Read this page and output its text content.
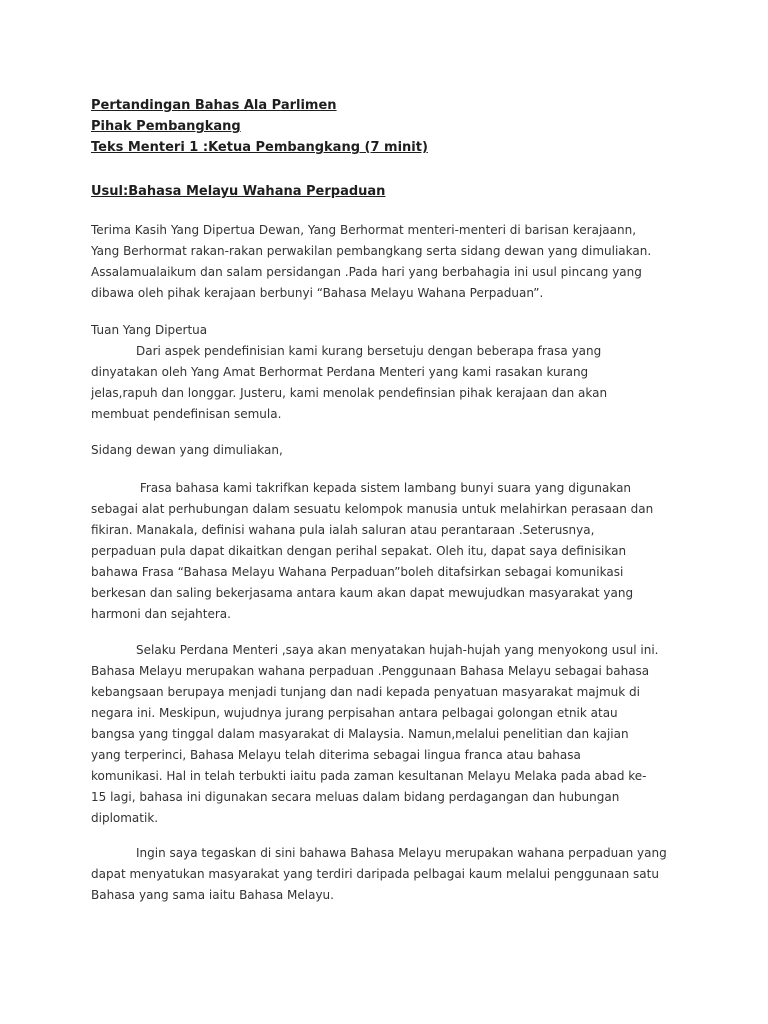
Pertandingan Bahas Ala Parlimen
Pihak Pembangkang
Teks Menteri 1 :Ketua Pembangkang (7 minit)
Usul:Bahasa Melayu Wahana Perpaduan
Terima Kasih Yang Dipertua Dewan, Yang Berhormat menteri-menteri di barisan kerajaann,
Yang Berhormat rakan-rakan perwakilan pembangkang serta sidang dewan yang dimuliakan.
Assalamualaikum dan salam persidangan .Pada hari yang berbahagia ini usul pincang yang
dibawa oleh pihak kerajaan berbunyi “Bahasa Melayu Wahana Perpaduan”.
Tuan Yang Dipertua
Dari aspek pendefinisian kami kurang bersetuju dengan beberapa frasa yang
dinyatakan oleh Yang Amat Berhormat Perdana Menteri yang kami rasakan kurang
jelas,rapuh dan longgar. Justeru, kami menolak pendefinsian pihak kerajaan dan akan
membuat pendefinisan semula.
Sidang dewan yang dimuliakan,
Frasa bahasa kami takrifkan kepada sistem lambang bunyi suara yang digunakan
sebagai alat perhubungan dalam sesuatu kelompok manusia untuk melahirkan perasaan dan
fikiran. Manakala, definisi wahana pula ialah saluran atau perantaraan .Seterusnya,
perpaduan pula dapat dikaitkan dengan perihal sepakat. Oleh itu, dapat saya definisikan
bahawa Frasa “Bahasa Melayu Wahana Perpaduan”boleh ditafsirkan sebagai komunikasi
berkesan dan saling bekerjasama antara kaum akan dapat mewujudkan masyarakat yang
harmoni dan sejahtera.
Selaku Perdana Menteri ,saya akan menyatakan hujah-hujah yang menyokong usul ini.
Bahasa Melayu merupakan wahana perpaduan .Penggunaan Bahasa Melayu sebagai bahasa
kebangsaan berupaya menjadi tunjang dan nadi kepada penyatuan masyarakat majmuk di
negara ini. Meskipun, wujudnya jurang perpisahan antara pelbagai golongan etnik atau
bangsa yang tinggal dalam masyarakat di Malaysia. Namun,melalui penelitian dan kajian
yang terperinci, Bahasa Melayu telah diterima sebagai lingua franca atau bahasa
komunikasi. Hal in telah terbukti iaitu pada zaman kesultanan Melayu Melaka pada abad ke-
15 lagi, bahasa ini digunakan secara meluas dalam bidang perdagangan dan hubungan
diplomatik.
Ingin saya tegaskan di sini bahawa Bahasa Melayu merupakan wahana perpaduan yang
dapat menyatukan masyarakat yang terdiri daripada pelbagai kaum melalui penggunaan satu
Bahasa yang sama iaitu Bahasa Melayu.
